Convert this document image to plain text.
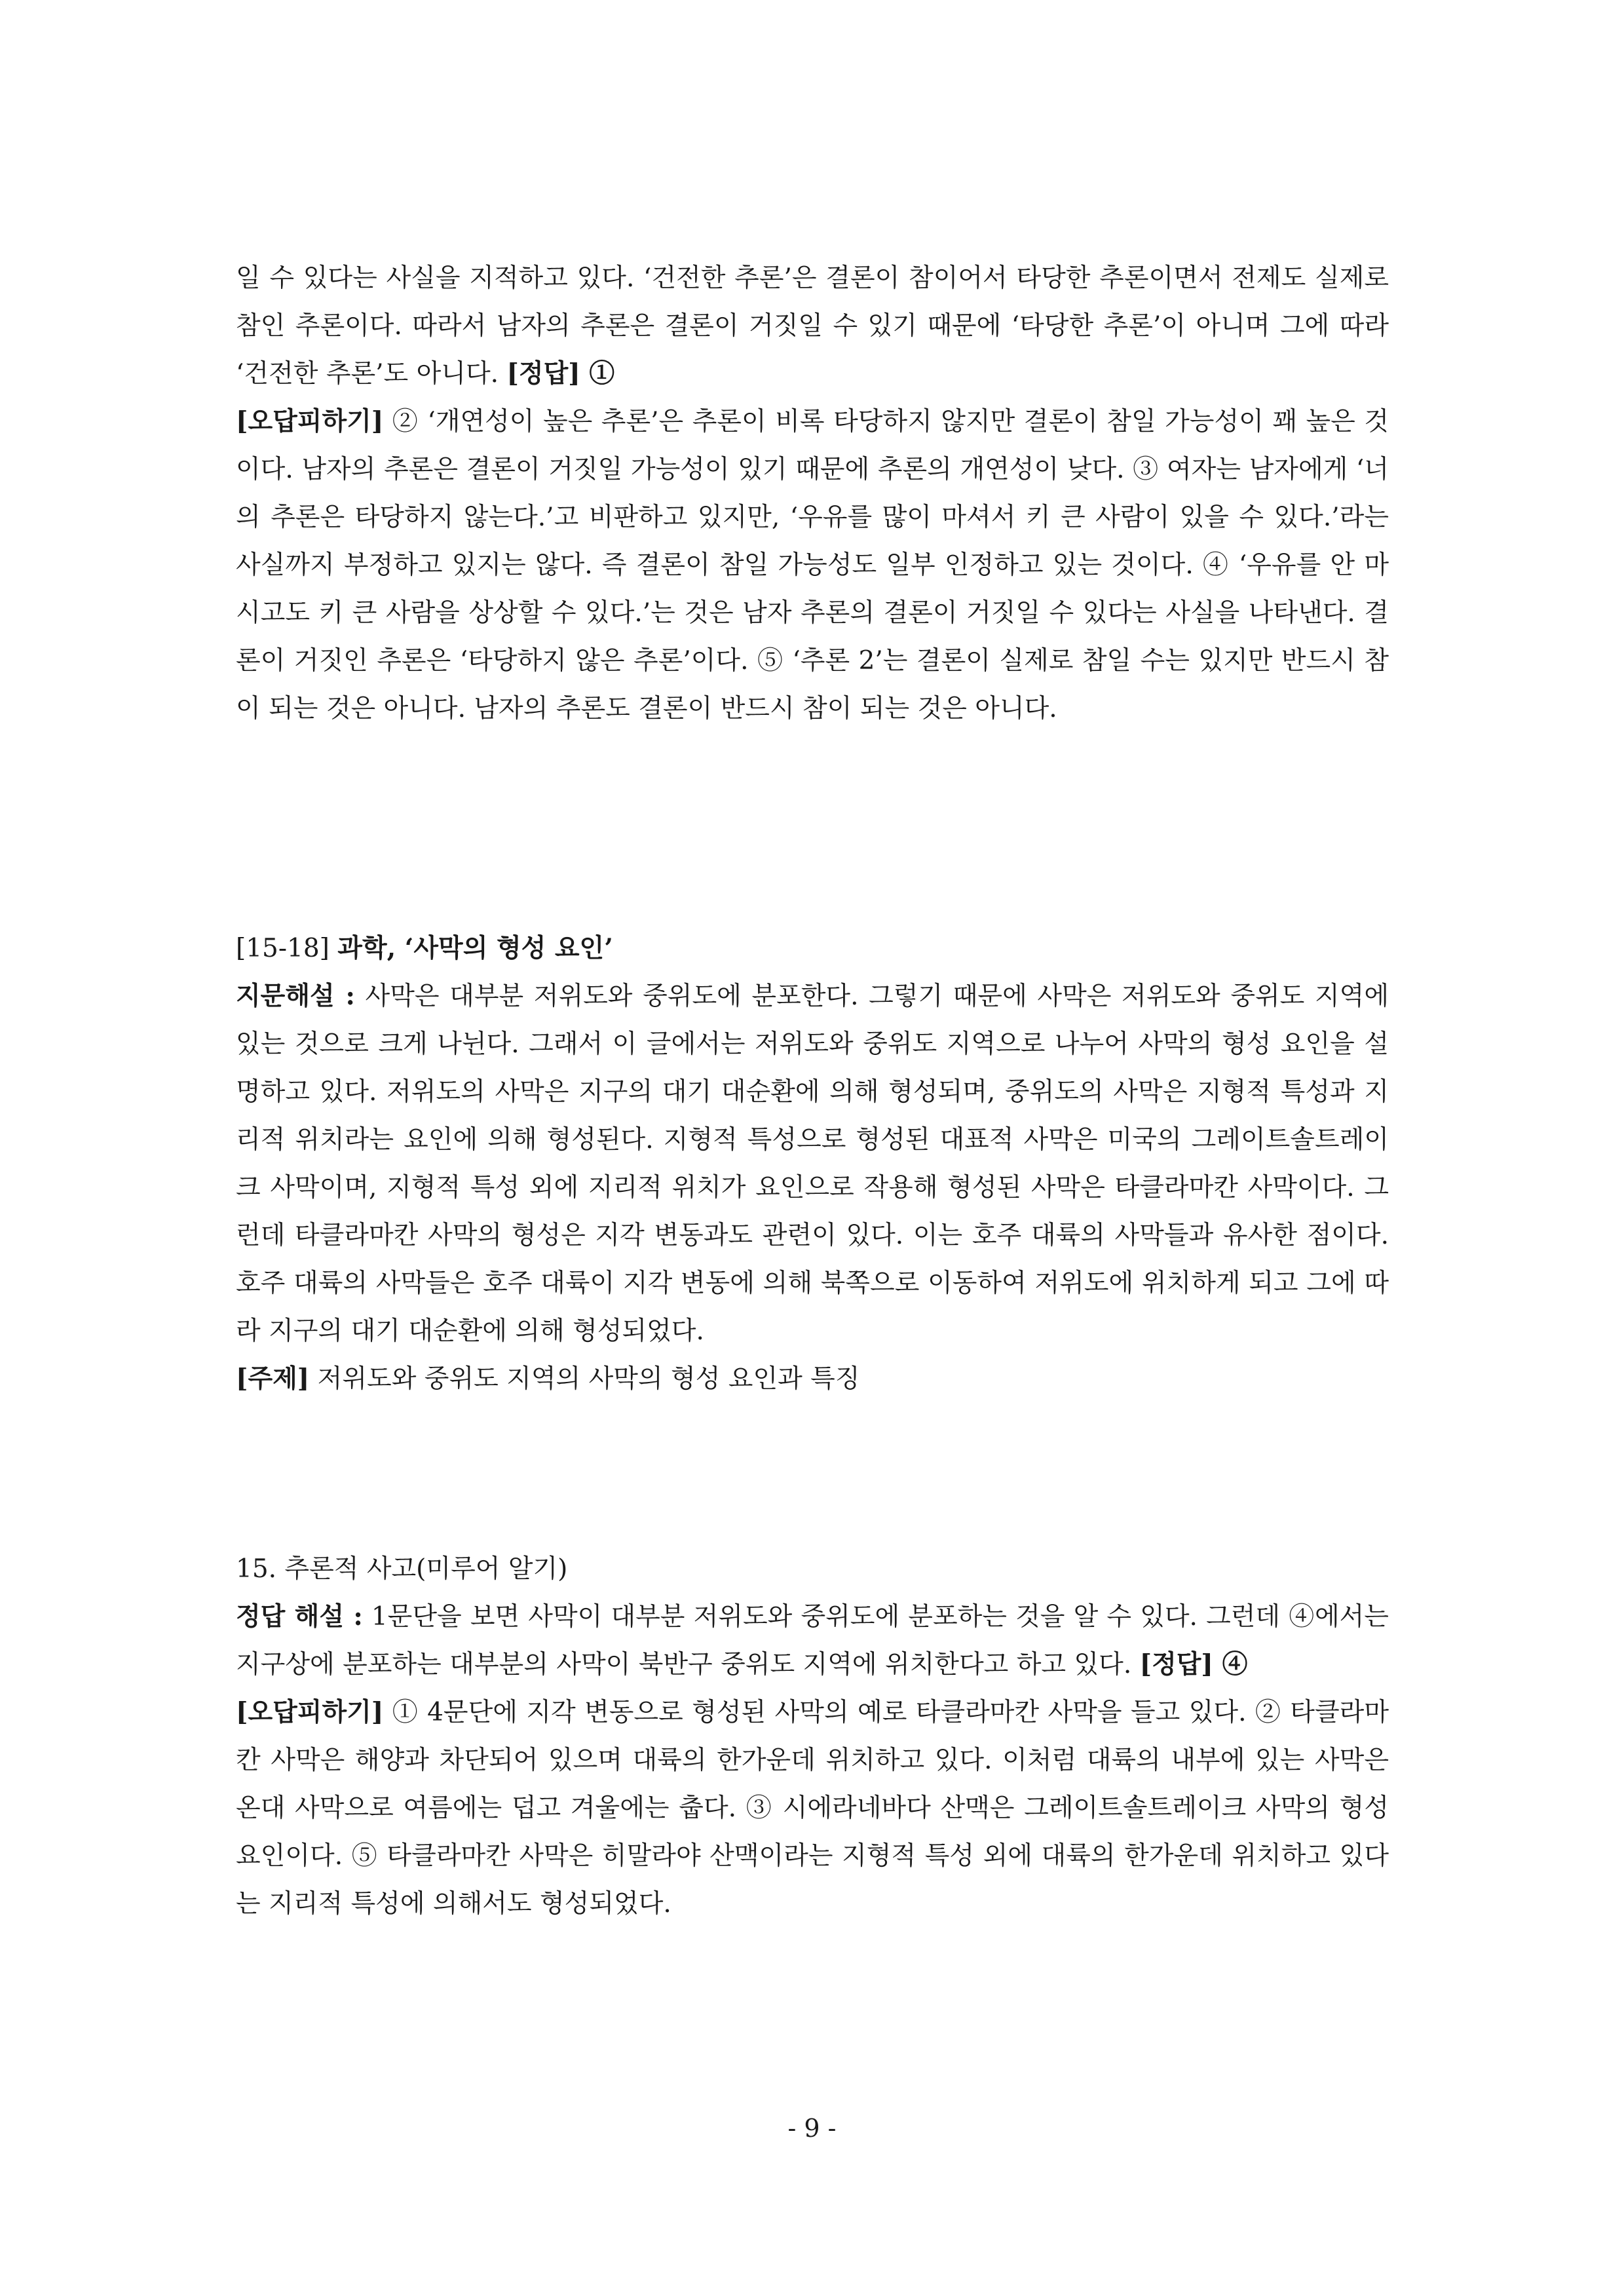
일 수 있다는 사실을 지적하고 있다. ‘건전한 추론’은 결론이 참이어서 타당한 추론이면서 전제도 실제로 참인 추론이다. 따라서 남자의 추론은 결론이 거짓일 수 있기 때문에 ‘타당한 추론’이 아니며 그에 따라 ‘건전한 추론’도 아니다. [정답] ①

[오답피하기] ② ‘개연성이 높은 추론’은 추론이 비록 타당하지 않지만 결론이 참일 가능성이 꽤 높은 것이다. 남자의 추론은 결론이 거짓일 가능성이 있기 때문에 추론의 개연성이 낮다. ③ 여자는 남자에게 ‘너의 추론은 타당하지 않는다.’고 비판하고 있지만, ‘우유를 많이 마셔서 키 큰 사람이 있을 수 있다.’라는 사실까지 부정하고 있지는 않다. 즉 결론이 참일 가능성도 일부 인정하고 있는 것이다. ④ ‘우유를 안 마시고도 키 큰 사람을 상상할 수 있다.’는 것은 남자 추론의 결론이 거짓일 수 있다는 사실을 나타낸다. 결론이 거짓인 추론은 ‘타당하지 않은 추론’이다. ⑤ ‘추론 2’는 결론이 실제로 참일 수는 있지만 반드시 참이 되는 것은 아니다. 남자의 추론도 결론이 반드시 참이 되는 것은 아니다.

[15-18] 과학, ‘사막의 형성 요인’

지문해설 : 사막은 대부분 저위도와 중위도에 분포한다. 그렇기 때문에 사막은 저위도와 중위도 지역에 있는 것으로 크게 나뉜다. 그래서 이 글에서는 저위도와 중위도 지역으로 나누어 사막의 형성 요인을 설명하고 있다. 저위도의 사막은 지구의 대기 대순환에 의해 형성되며, 중위도의 사막은 지형적 특성과 지리적 위치라는 요인에 의해 형성된다. 지형적 특성으로 형성된 대표적 사막은 미국의 그레이트솔트레이크 사막이며, 지형적 특성 외에 지리적 위치가 요인으로 작용해 형성된 사막은 타클라마칸 사막이다. 그런데 타클라마칸 사막의 형성은 지각 변동과도 관련이 있다. 이는 호주 대륙의 사막들과 유사한 점이다. 호주 대륙의 사막들은 호주 대륙이 지각 변동에 의해 북쪽으로 이동하여 저위도에 위치하게 되고 그에 따라 지구의 대기 대순환에 의해 형성되었다.

[주제] 저위도와 중위도 지역의 사막의 형성 요인과 특징

15. 추론적 사고(미루어 알기)

정답 해설 : 1문단을 보면 사막이 대부분 저위도와 중위도에 분포하는 것을 알 수 있다. 그런데 ④에서는 지구상에 분포하는 대부분의 사막이 북반구 중위도 지역에 위치한다고 하고 있다. [정답] ④

[오답피하기] ① 4문단에 지각 변동으로 형성된 사막의 예로 타클라마칸 사막을 들고 있다. ② 타클라마칸 사막은 해양과 차단되어 있으며 대륙의 한가운데 위치하고 있다. 이처럼 대륙의 내부에 있는 사막은 온대 사막으로 여름에는 덥고 겨울에는 춥다. ③ 시에라네바다 산맥은 그레이트솔트레이크 사막의 형성 요인이다. ⑤ 타클라마칸 사막은 히말라야 산맥이라는 지형적 특성 외에 대륙의 한가운데 위치하고 있다는 지리적 특성에 의해서도 형성되었다.

- 9 -
